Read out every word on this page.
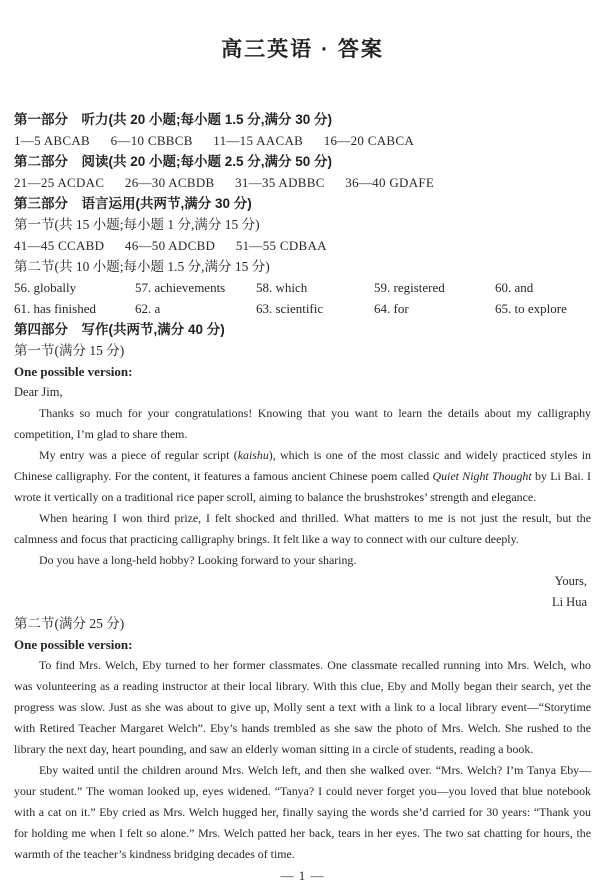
高三英语 · 答案
第一部分　听力(共 20 小题;每小题 1.5 分,满分 30 分)
1—5 ABCAB 6—10 CBBCB 11—15 AACAB 16—20 CABCA
第二部分　阅读(共 20 小题;每小题 2.5 分,满分 50 分)
21—25 ACDAC 26—30 ACBDB 31—35 ADBBC 36—40 GDAFE
第三部分　语言运用(共两节,满分 30 分)
第一节(共 15 小题;每小题 1 分,满分 15 分)
41—45 CCABD 46—50 ADCBD 51—55 CDBAA
第二节(共 10 小题;每小题 1.5 分,满分 15 分)
56. globally	57. achievements	58. which	59. registered	60. and
61. has finished	62. a	63. scientific	64. for	65. to explore
第四部分　写作(共两节,满分 40 分)
第一节(满分 15 分)
One possible version:
Dear Jim,

Thanks so much for your congratulations! Knowing that you want to learn the details about my calligraphy competition, I’m glad to share them.

My entry was a piece of regular script (kaishu), which is one of the most classic and widely practiced styles in Chinese calligraphy. For the content, it features a famous ancient Chinese poem called Quiet Night Thought by Li Bai. I wrote it vertically on a traditional rice paper scroll, aiming to balance the brushstrokes’ strength and elegance.

When hearing I won third prize, I felt shocked and thrilled. What matters to me is not just the result, but the calmness and focus that practicing calligraphy brings. It felt like a way to connect with our culture deeply.

Do you have a long-held hobby? Looking forward to your sharing.

Yours,
Li Hua
第二节(满分 25 分)
One possible version:

To find Mrs. Welch, Eby turned to her former classmates. One classmate recalled running into Mrs. Welch, who was volunteering as a reading instructor at their local library. With this clue, Eby and Molly began their search, yet the progress was slow. Just as she was about to give up, Molly sent a text with a link to a local library event—“Storytime with Retired Teacher Margaret Welch”. Eby’s hands trembled as she saw the photo of Mrs. Welch. She rushed to the library the next day, heart pounding, and saw an elderly woman sitting in a circle of students, reading a book.

Eby waited until the children around Mrs. Welch left, and then she walked over. “Mrs. Welch? I’m Tanya Eby—your student.” The woman looked up, eyes widened. “Tanya? I could never forget you—you loved that blue notebook with a cat on it.” Eby cried as Mrs. Welch hugged her, finally saying the words she’d carried for 30 years: “Thank you for holding me when I felt so alone.” Mrs. Welch patted her back, tears in her eyes. The two sat chatting for hours, the warmth of the teacher’s kindness bridging decades of time.

— 1 —
